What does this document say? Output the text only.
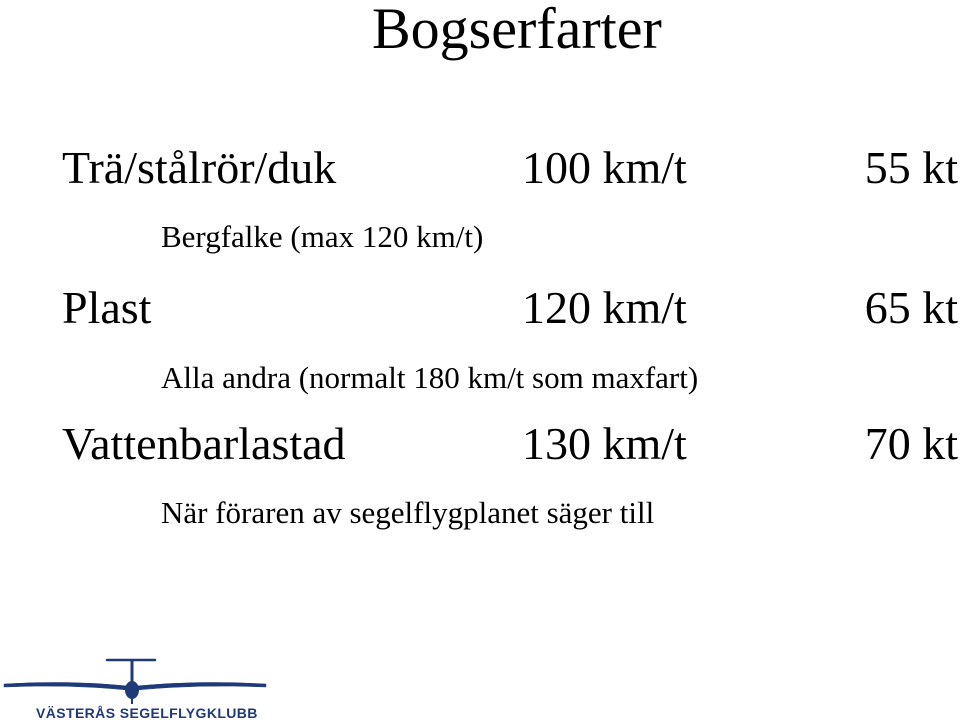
Bogserfarter
Trä/stålrör/duk	100 km/t	55 kt
Bergfalke (max 120 km/t)
Plast	120 km/t	65 kt
Alla andra (normalt 180 km/t som maxfart)
Vattenbarlastad	130 km/t	70 kt
När föraren av segelflygplanet säger till
VÄSTERÅS SEGELFLYGKLUBB
